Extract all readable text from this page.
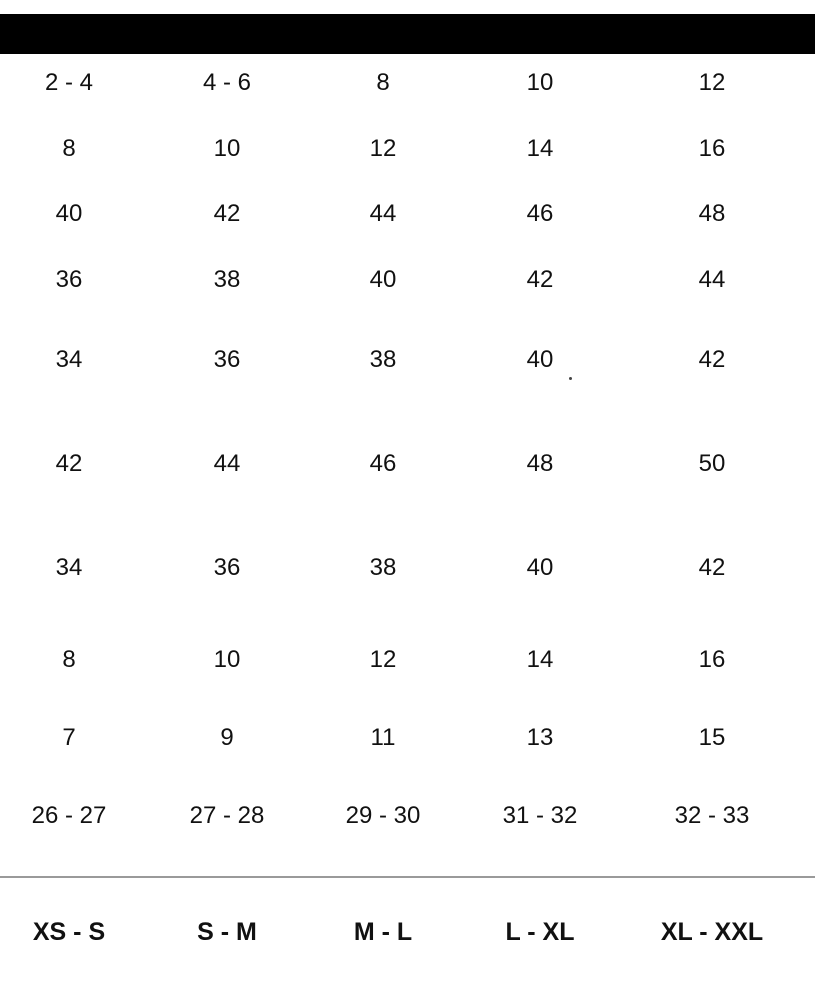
2 - 4	4 - 6	8	10	12
8	10	12	14	16
40	42	44	46	48
36	38	40	42	44
34	36	38	40	42
42	44	46	48	50
34	36	38	40	42
8	10	12	14	16
7	9	11	13	15
26 - 27	27 - 28	29 - 30	31 - 32	32 - 33
XS - S	S - M	M - L	L - XL	XL - XXL
